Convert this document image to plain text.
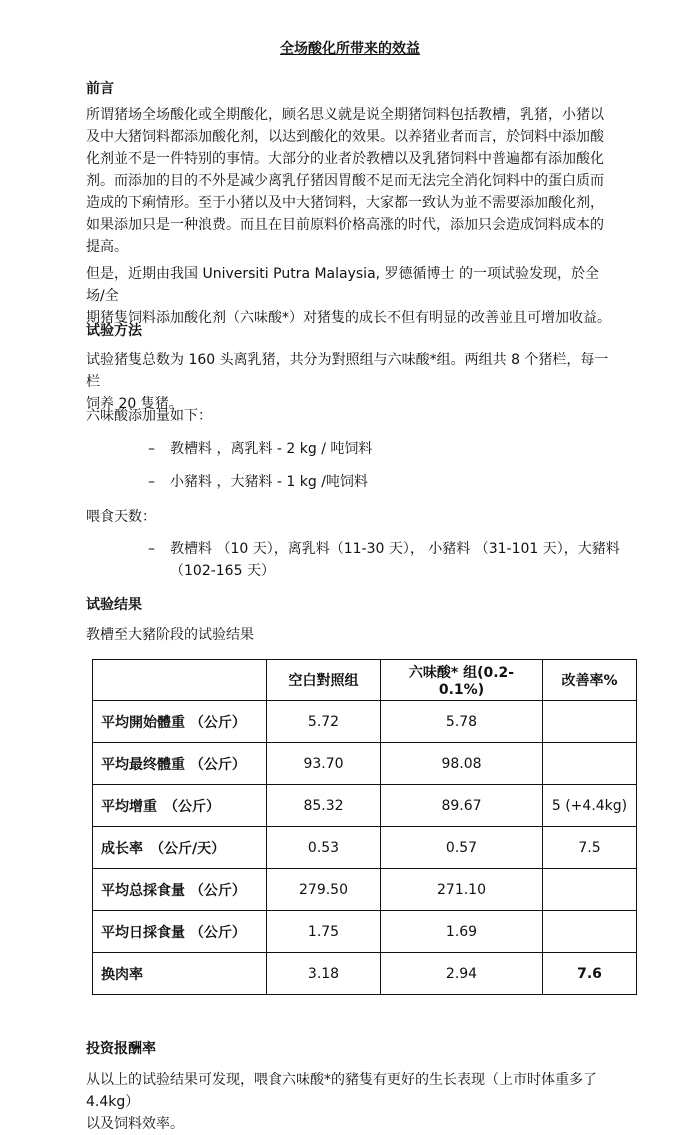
全场酸化所带来的效益
前言
所谓猪场全场酸化或全期酸化，顾名思义就是说全期猪饲料包括教槽，乳猪，小猪以
及中大猪饲料都添加酸化剂，以达到酸化的效果。以养猪业者而言，於饲料中添加酸
化剂並不是一件特别的事情。大部分的业者於教槽以及乳猪饲料中普遍都有添加酸化
剂。而添加的目的不外是减少离乳仔猪因胃酸不足而无法完全消化饲料中的蛋白质而
造成的下痢情形。至于小猪以及中大猪饲料，大家都一致认为並不需要添加酸化剂，
如果添加只是一种浪费。而且在目前原料价格高涨的时代，添加只会造成饲料成本的
提高。
但是，近期由我国 Universiti Putra Malaysia, 罗德循博士 的一项试验发现，於全场/全
期猪隻饲料添加酸化剂（六味酸*）对猪隻的成长不但有明显的改善並且可增加收益。
试验方法
试验猪隻总数为 160 头离乳猪，共分为對照组与六味酸*组。两组共 8 个猪栏，每一栏
饲养 20 隻猪。
六味酸添加量如下：
– 教槽料 ，离乳料 - 2 kg / 吨饲料
– 小豬料 ，大豬料 - 1 kg /吨饲料
喂食天数：
– 教槽料 （10 天），离乳料（11-30 天）， 小豬料 （31-101 天），大豬料
（102-165 天）
试验结果
教槽至大豬阶段的试验结果
	空白對照组	六味酸* 组(0.2-0.1%)	改善率%
平均開始體重 （公斤）	5.72	5.78	
平均最终體重 （公斤）	93.70	98.08	
平均增重　（公斤）	85.32	89.67	5 (+4.4kg)
成长率　（公斤/天）	0.53	0.57	7.5
平均总採食量 （公斤）	279.50	271.10	
平均日採食量 （公斤）	1.75	1.69	
换肉率	3.18	2.94	7.6
投资报酬率
从以上的试验结果可发现，喂食六味酸*的豬隻有更好的生长表现（上市时体重多了 4.4kg）
以及饲料效率。
